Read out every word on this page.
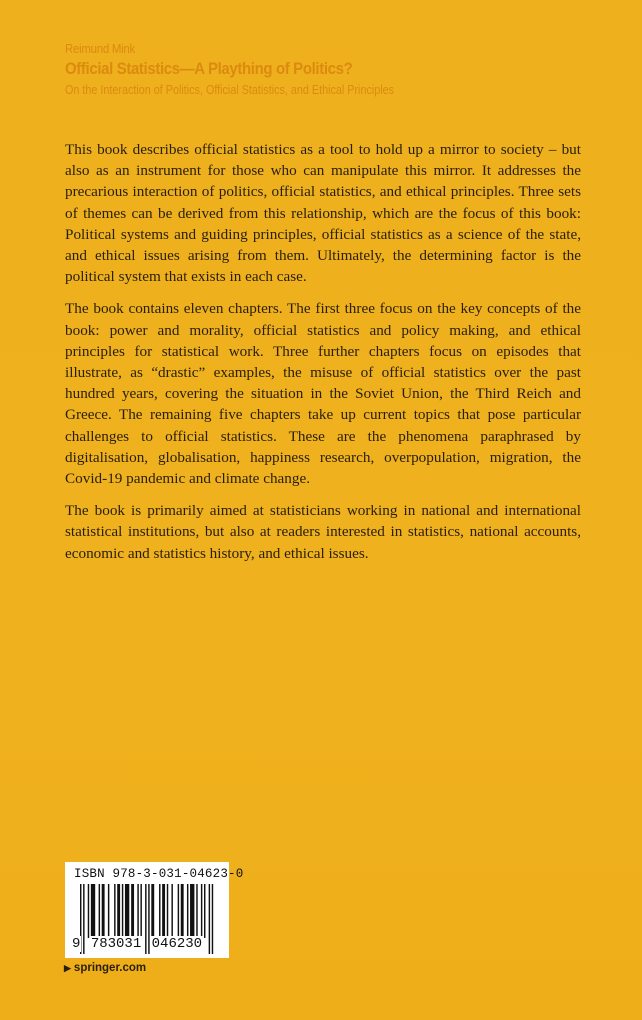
Reimund Mink
Official Statistics—A Plaything of Politics?
On the Interaction of Politics, Official Statistics, and Ethical Principles

This book describes official statistics as a tool to hold up a mirror to society – but also as an instrument for those who can manipulate this mirror. It addresses the precarious interaction of politics, official statistics, and ethical principles. Three sets of themes can be derived from this relationship, which are the focus of this book: Political systems and guiding principles, official statistics as a science of the state, and ethical issues arising from them. Ultimately, the determining factor is the political system that exists in each case.

The book contains eleven chapters. The first three focus on the key concepts of the book: power and morality, official statistics and policy making, and ethical principles for statistical work. Three further chapters focus on episodes that illustrate, as “drastic” examples, the misuse of official statistics over the past hundred years, covering the situation in the Soviet Union, the Third Reich and Greece. The remaining five chapters take up current topics that pose particular challenges to official statistics. These are the phenomena paraphrased by digitalisation, globalisation, happiness research, overpopulation, migration, the Covid-19 pandemic and climate change.

The book is primarily aimed at statisticians working in national and international statistical institutions, but also at readers interested in statistics, national accounts, economic and statistics history, and ethical issues.

ISBN 978-3-031-04623-0
9 783031 046230
▶ springer.com
